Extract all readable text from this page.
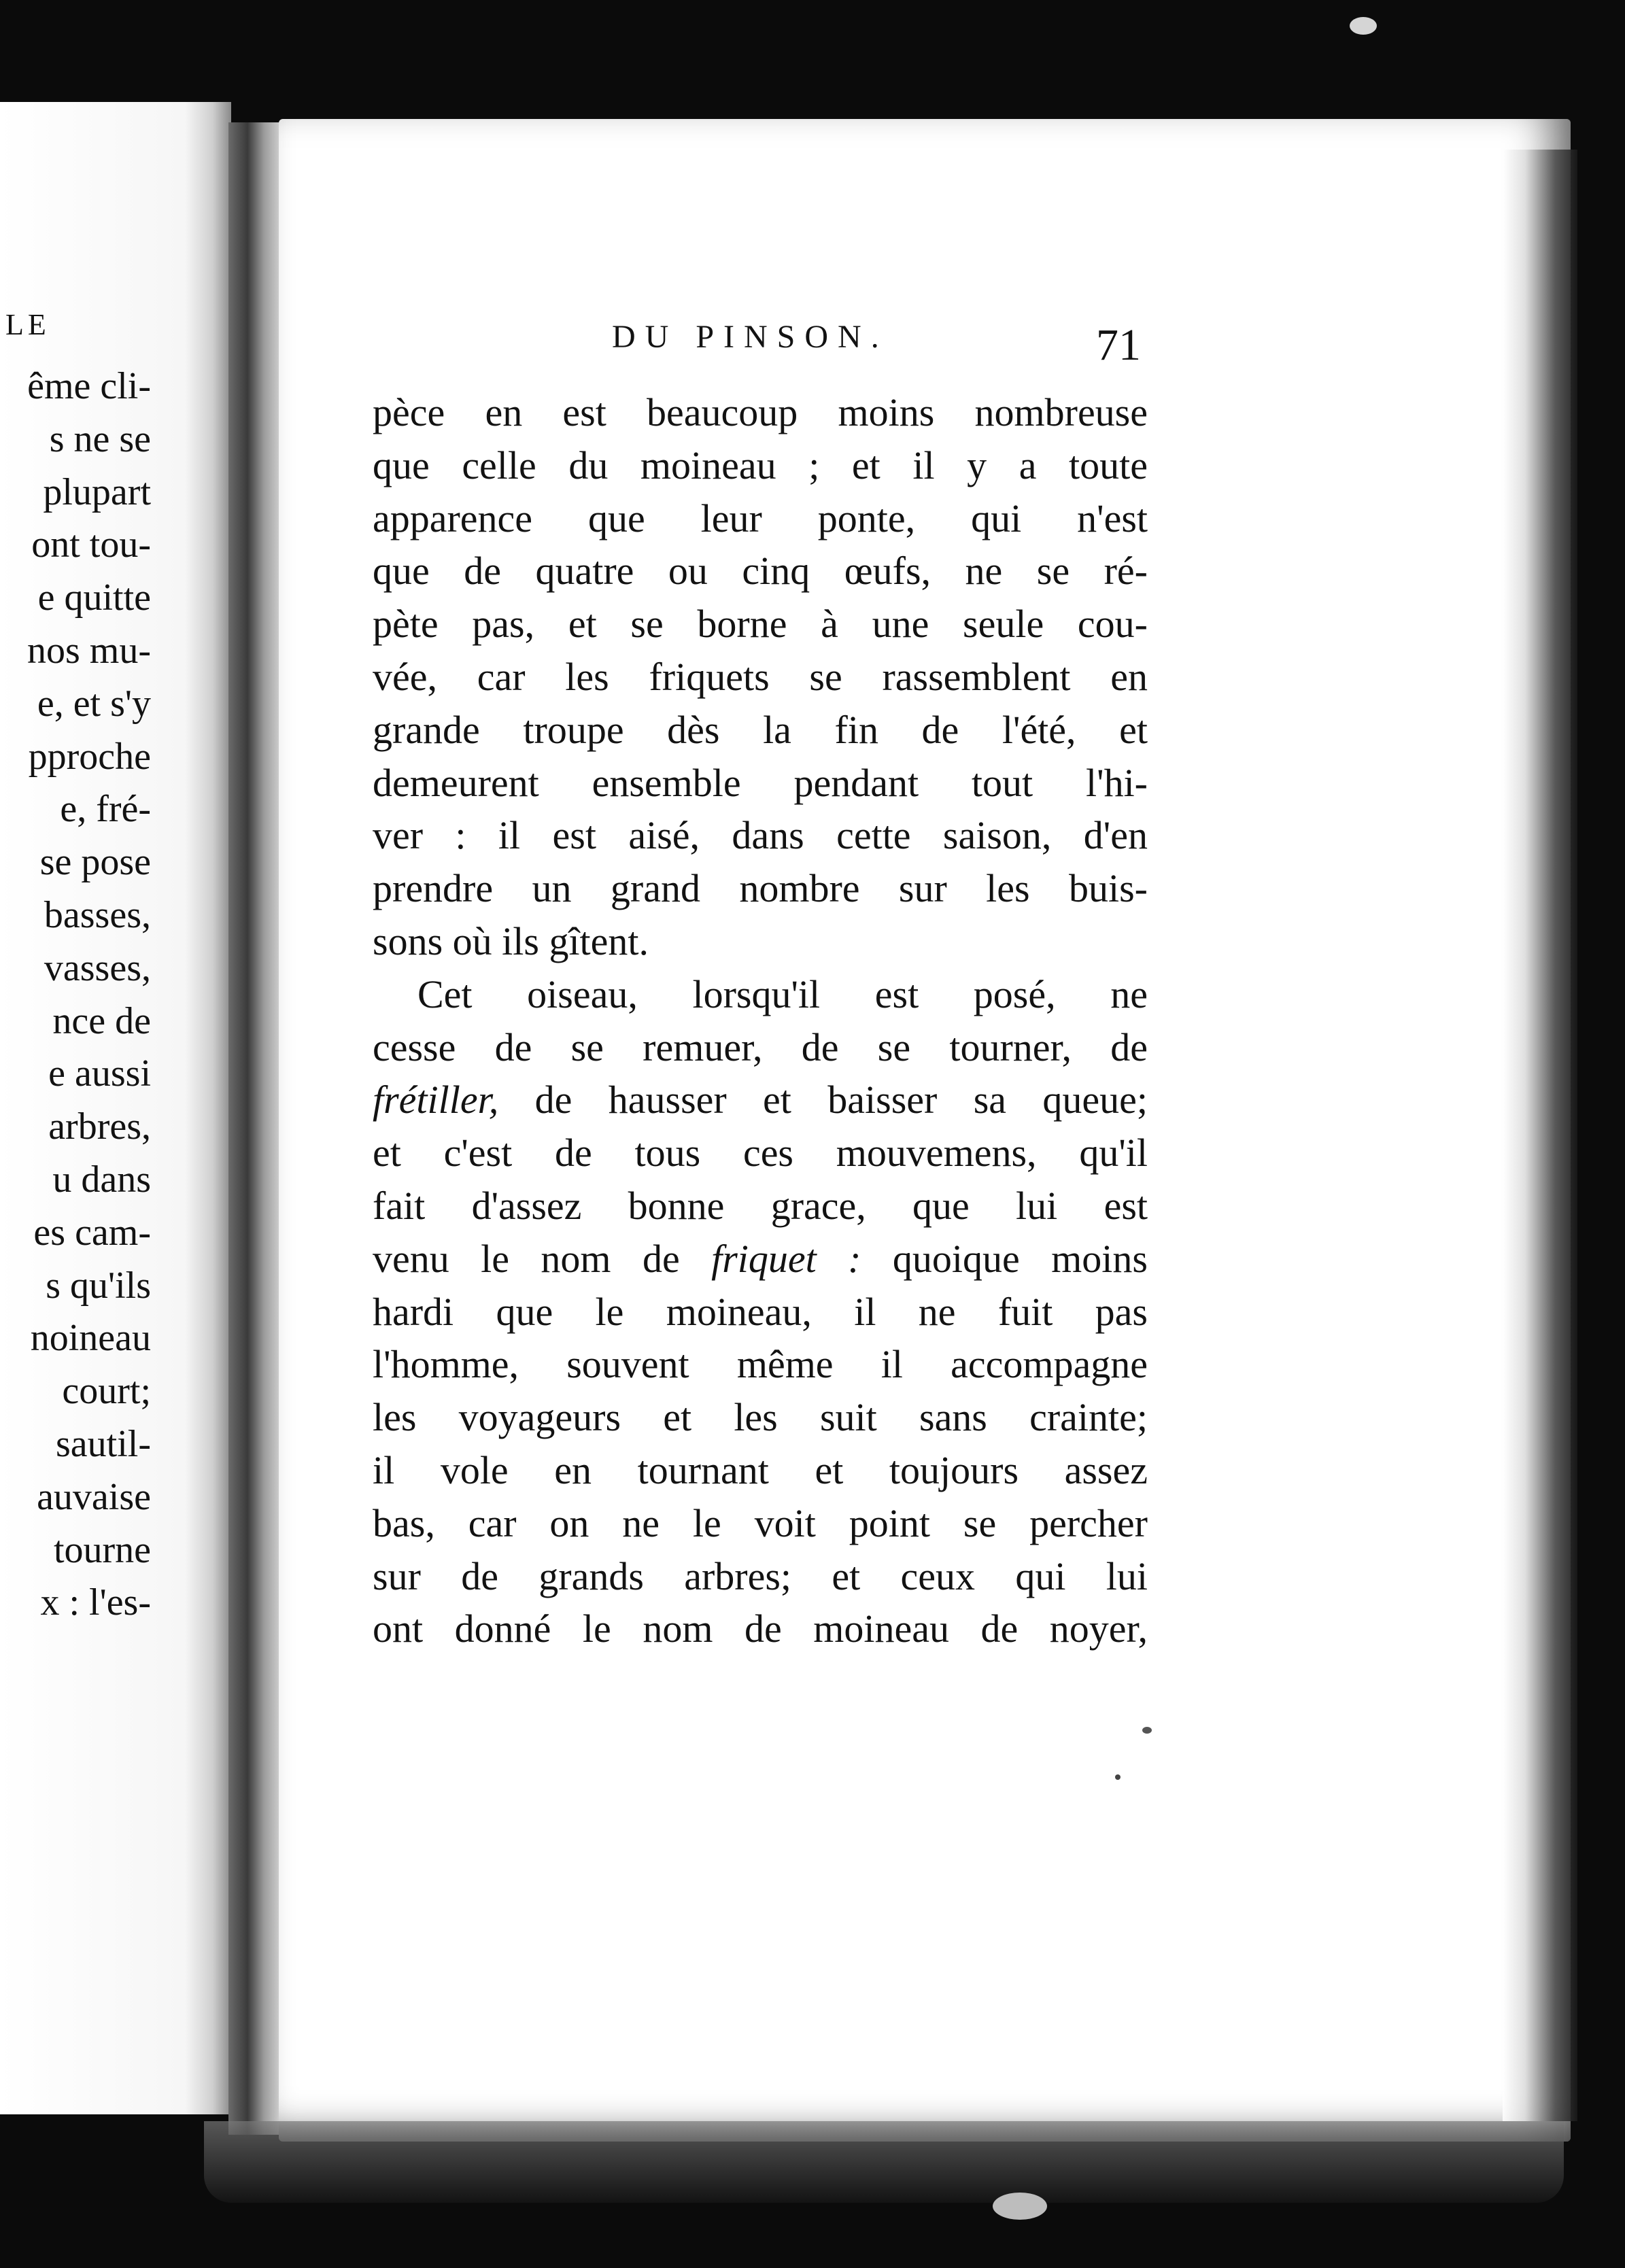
LE
ême cli-
s ne se
plupart
ont tou-
e quitte
nos mu-
e, et s'y
pproche
e, fré-
se pose
basses,
vasses,
nce de
e aussi
arbres,
u dans
es cam-
s qu'ils
noineau
court;
sautil-
auvaise
tourne
x : l'es-
DU PINSON.	71
pèce en est beaucoup moins nombreuse
que celle du moineau ; et il y a toute
apparence que leur ponte, qui n'est
que de quatre ou cinq œufs, ne se ré-
pète pas, et se borne à une seule cou-
vée, car les friquets se rassemblent en
grande troupe dès la fin de l'été, et
demeurent ensemble pendant tout l'hi-
ver : il est aisé, dans cette saison, d'en
prendre un grand nombre sur les buis-
sons où ils gîtent.
Cet oiseau, lorsqu'il est posé, ne
cesse de se remuer, de se tourner, de
frétiller, de hausser et baisser sa queue;
et c'est de tous ces mouvemens, qu'il
fait d'assez bonne grace, que lui est
venu le nom de friquet : quoique moins
hardi que le moineau, il ne fuit pas
l'homme, souvent même il accompagne
les voyageurs et les suit sans crainte;
il vole en tournant et toujours assez
bas, car on ne le voit point se percher
sur de grands arbres; et ceux qui lui
ont donné le nom de moineau de noyer,
